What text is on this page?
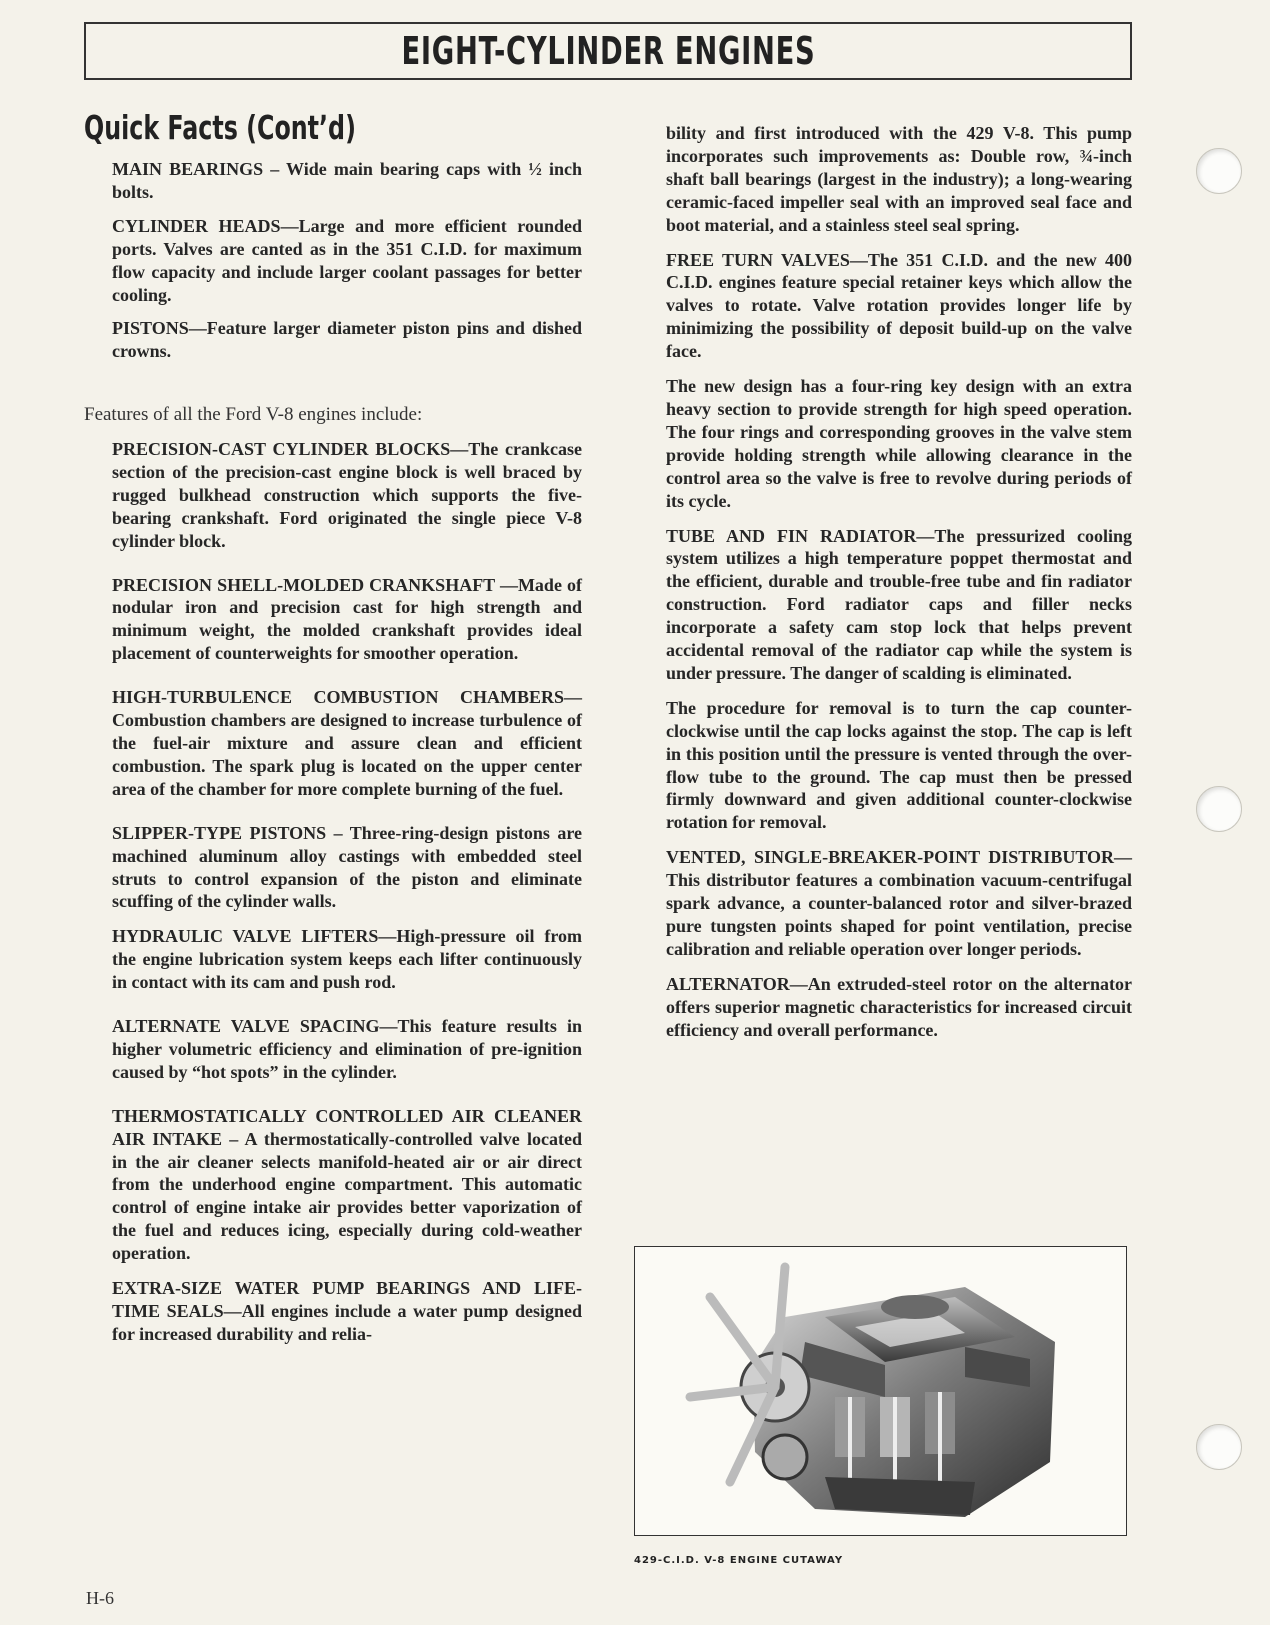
EIGHT-CYLINDER ENGINES
Quick Facts (Cont’d)

MAIN BEARINGS – Wide main bearing caps with ½ inch bolts.

CYLINDER HEADS—Large and more efficient rounded ports. Valves are canted as in the 351 C.I.D. for maximum flow capacity and include larger coolant passages for better cooling.

PISTONS—Feature larger diameter piston pins and dished crowns.

Features of all the Ford V-8 engines include:

PRECISION-CAST CYLINDER BLOCKS—The crankcase section of the precision-cast engine block is well braced by rugged bulkhead construction which supports the five-bearing crankshaft. Ford originated the single piece V-8 cylinder block.

PRECISION SHELL-MOLDED CRANKSHAFT —Made of nodular iron and precision cast for high strength and minimum weight, the molded crankshaft provides ideal placement of counterweights for smoother operation.

HIGH-TURBULENCE COMBUSTION CHAMBERS—Combustion chambers are designed to increase turbulence of the fuel-air mixture and assure clean and efficient combustion. The spark plug is located on the upper center area of the chamber for more complete burning of the fuel.

SLIPPER-TYPE PISTONS – Three-ring-design pistons are machined aluminum alloy castings with embedded steel struts to control expansion of the piston and eliminate scuffing of the cylinder walls.

HYDRAULIC VALVE LIFTERS—High-pressure oil from the engine lubrication system keeps each lifter continuously in contact with its cam and push rod.

ALTERNATE VALVE SPACING—This feature results in higher volumetric efficiency and elimination of pre-ignition caused by “hot spots” in the cylinder.

THERMOSTATICALLY CONTROLLED AIR CLEANER AIR INTAKE – A thermostatically-controlled valve located in the air cleaner selects manifold-heated air or air direct from the underhood engine compartment. This automatic control of engine intake air provides better vaporization of the fuel and reduces icing, especially during cold-weather operation.

EXTRA-SIZE WATER PUMP BEARINGS AND LIFE-TIME SEALS—All engines include a water pump designed for increased durability and relia-

bility and first introduced with the 429 V-8. This pump incorporates such improvements as: Double row, ¾-inch shaft ball bearings (largest in the industry); a long-wearing ceramic-faced impeller seal with an improved seal face and boot material, and a stainless steel seal spring.

FREE TURN VALVES—The 351 C.I.D. and the new 400 C.I.D. engines feature special retainer keys which allow the valves to rotate. Valve rotation provides longer life by minimizing the possibility of deposit build-up on the valve face.

The new design has a four-ring key design with an extra heavy section to provide strength for high speed operation. The four rings and corresponding grooves in the valve stem provide holding strength while allowing clearance in the control area so the valve is free to revolve during periods of its cycle.

TUBE AND FIN RADIATOR—The pressurized cooling system utilizes a high temperature poppet thermostat and the efficient, durable and trouble-free tube and fin radiator construction. Ford radiator caps and filler necks incorporate a safety cam stop lock that helps prevent accidental removal of the radiator cap while the system is under pressure. The danger of scalding is eliminated.

The procedure for removal is to turn the cap counter-clockwise until the cap locks against the stop. The cap is left in this position until the pressure is vented through the over-flow tube to the ground. The cap must then be pressed firmly downward and given additional counter-clockwise rotation for removal.

VENTED, SINGLE-BREAKER-POINT DISTRIBUTOR—This distributor features a combination vacuum-centrifugal spark advance, a counter-balanced rotor and silver-brazed pure tungsten points shaped for point ventilation, precise calibration and reliable operation over longer periods.

ALTERNATOR—An extruded-steel rotor on the alternator offers superior magnetic characteristics for increased circuit efficiency and overall performance.

429-C.I.D. V-8 ENGINE CUTAWAY
H-6
